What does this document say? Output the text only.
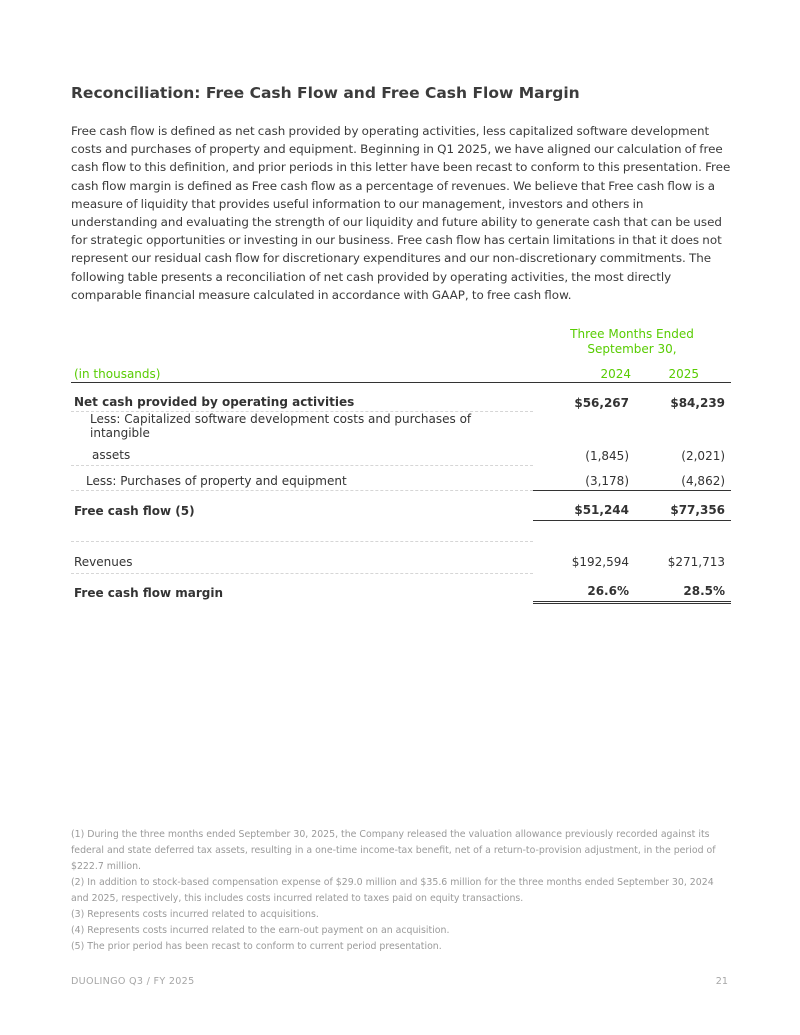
Reconciliation: Free Cash Flow and Free Cash Flow Margin
Free cash flow is defined as net cash provided by operating activities, less capitalized software development costs and purchases of property and equipment. Beginning in Q1 2025, we have aligned our calculation of free cash flow to this definition, and prior periods in this letter have been recast to conform to this presentation. Free cash flow margin is defined as Free cash flow as a percentage of revenues. We believe that Free cash flow is a measure of liquidity that provides useful information to our management, investors and others in understanding and evaluating the strength of our liquidity and future ability to generate cash that can be used for strategic opportunities or investing in our business. Free cash flow has certain limitations in that it does not represent our residual cash flow for discretionary expenditures and our non-discretionary commitments. The following table presents a reconciliation of net cash provided by operating activities, the most directly comparable financial measure calculated in accordance with GAAP, to free cash flow.

	Three Months Ended
September 30,	

(in thousands)	2024	2025
Net cash provided by operating activities	$56,267	$84,239
Less: Capitalized software development costs and purchases of intangible		
assets	(1,845)	(2,021)
Less: Purchases of property and equipment	(3,178)	(4,862)
Free cash flow (5)	$51,244	$77,356

Revenues	$192,594	$271,713
Free cash flow margin	26.6%	28.5%

(1) During the three months ended September 30, 2025, the Company released the valuation allowance previously recorded against its federal and state deferred tax assets, resulting in a one-time income-tax benefit, net of a return-to-provision adjustment, in the period of $222.7 million.

(2) In addition to stock-based compensation expense of $29.0 million and $35.6 million for the three months ended September 30, 2024 and 2025, respectively, this includes costs incurred related to taxes paid on equity transactions.

(3) Represents costs incurred related to acquisitions.

(4) Represents costs incurred related to the earn-out payment on an acquisition.

(5) The prior period has been recast to conform to current period presentation.

DUOLINGO Q3 / FY 2025	21
